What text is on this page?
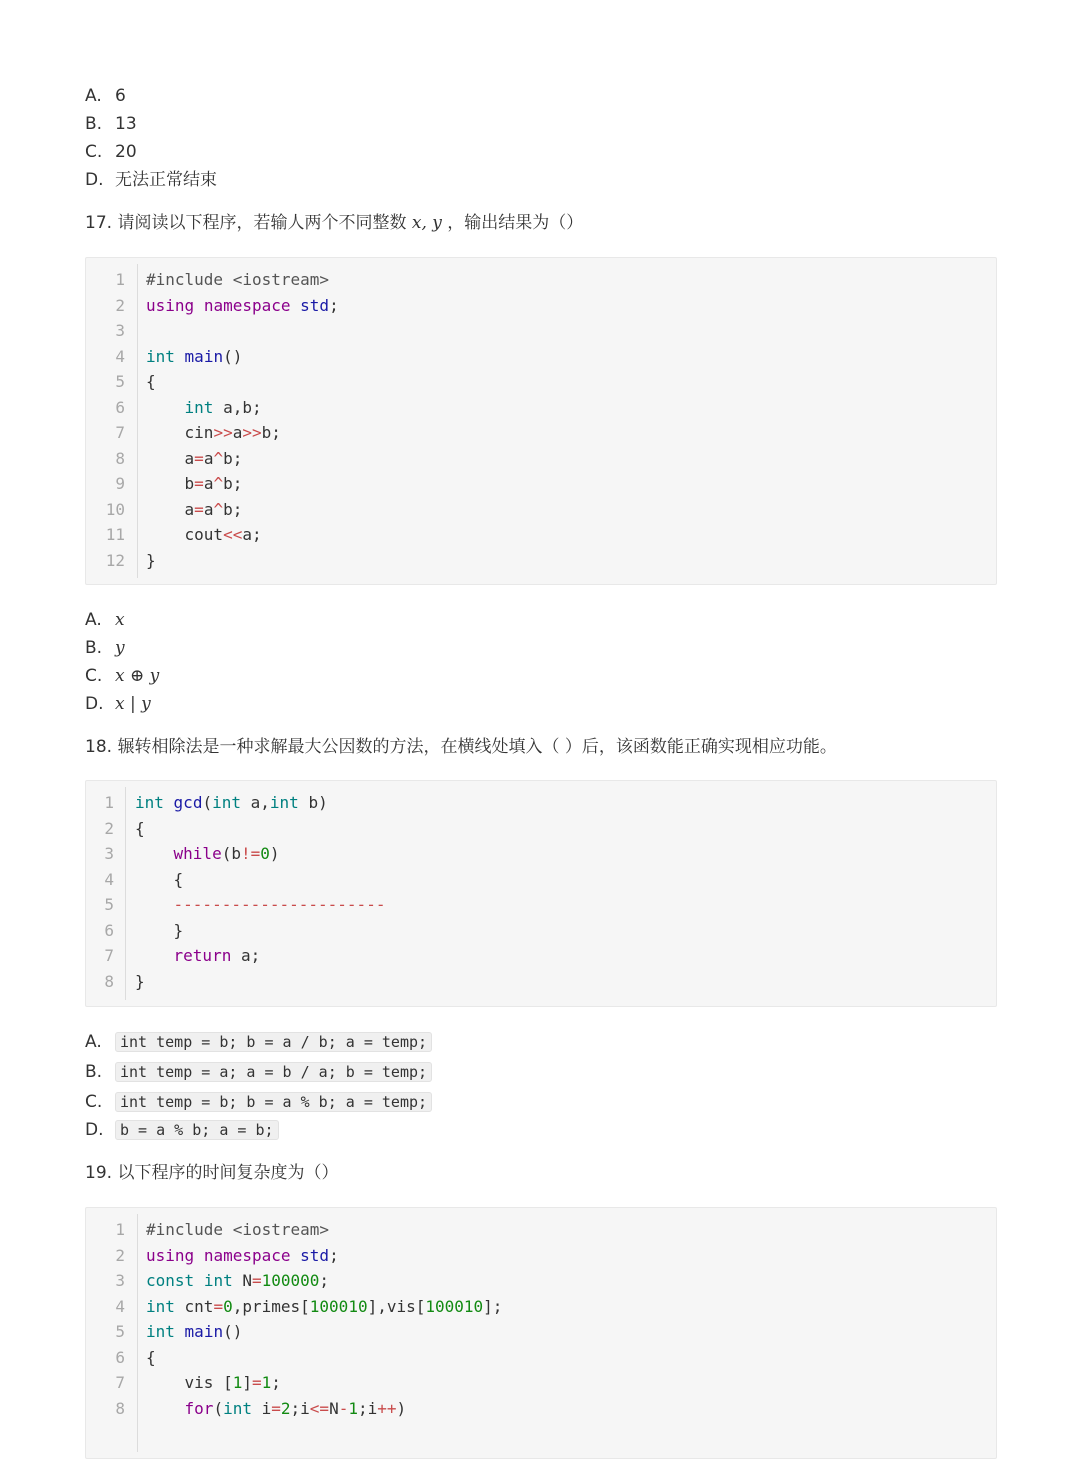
A. 6
B. 13
C. 20
D. 无法正常结束
17. 请阅读以下程序，若输人两个不同整数 x, y ，输出结果为（）
1 #include <iostream>
2 using namespace std;
3
4 int main()
5 {
6	int a,b;
7 cin>>a>>b;
8 a=a^b;
9 b=a^b;
10 a=a^b;
11 cout<<a;
12 }
A. x
B. y
C. x ⊕ y
D. x | y
18. 辗转相除法是一种求解最大公因数的方法，在横线处填入（ ）后，该函数能正确实现相应功能。
1 int gcd(int a,int b)
2 {
3	while(b!=0)
4 {
5 ----------------------
6 }
7	return a;
8 }
A. int temp = b; b = a / b; a = temp;
B. int temp = a; a = b / a; b = temp;
C. int temp = b; b = a % b; a = temp;
D. b = a % b; a = b;
19. 以下程序的时间复杂度为（）
1 #include <iostream>
2 using namespace std;
3 const int N=100000;
4 int cnt=0,primes[100010],vis[100010];
5 int main()
6 {
7 vis [1]=1;
8	for(int i=2;i<=N-1;i++)
